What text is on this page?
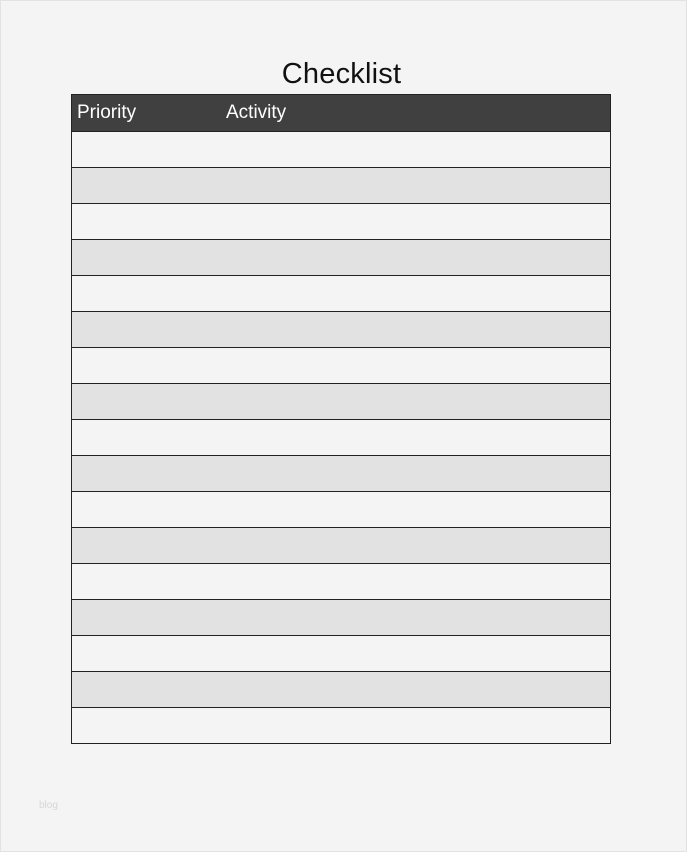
Checklist
Priority	Activity
blog
